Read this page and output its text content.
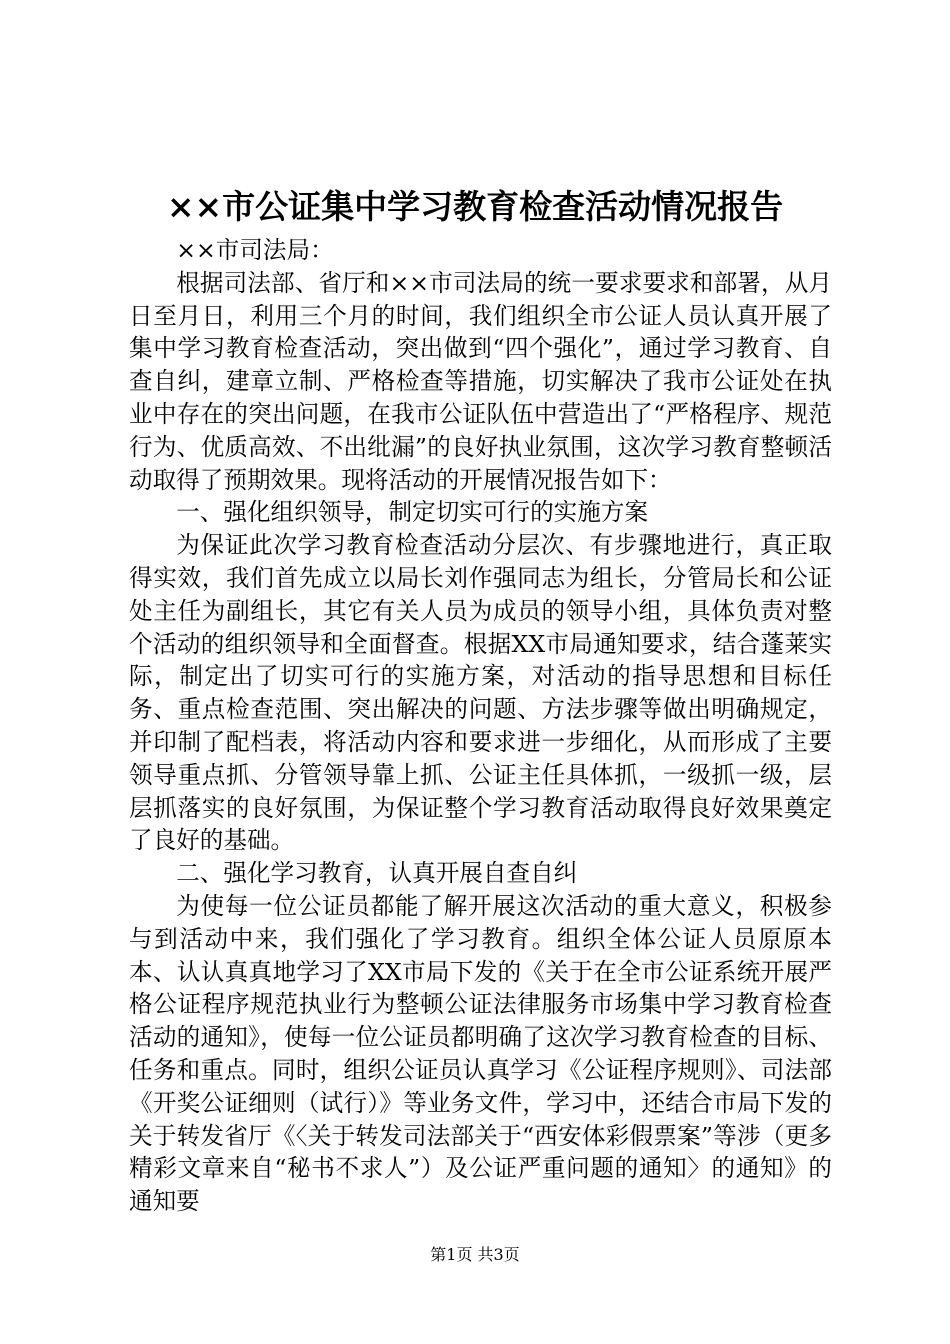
××市公证集中学习教育检查活动情况报告

××市司法局：

根据司法部、省厅和××市司法局的统一要求要求和部署，从月日至月日，利用三个月的时间，我们组织全市公证人员认真开展了集中学习教育检查活动，突出做到“四个强化”，通过学习教育、自查自纠，建章立制、严格检查等措施，切实解决了我市公证处在执业中存在的突出问题，在我市公证队伍中营造出了“严格程序、规范行为、优质高效、不出纰漏”的良好执业氛围，这次学习教育整顿活动取得了预期效果。现将活动的开展情况报告如下：

一、强化组织领导，制定切实可行的实施方案

为保证此次学习教育检查活动分层次、有步骤地进行，真正取得实效，我们首先成立以局长刘作强同志为组长，分管局长和公证处主任为副组长，其它有关人员为成员的领导小组，具体负责对整个活动的组织领导和全面督查。根据XX市局通知要求，结合蓬莱实际，制定出了切实可行的实施方案，对活动的指导思想和目标任务、重点检查范围、突出解决的问题、方法步骤等做出明确规定，并印制了配档表，将活动内容和要求进一步细化，从而形成了主要领导重点抓、分管领导靠上抓、公证主任具体抓，一级抓一级，层层抓落实的良好氛围，为保证整个学习教育活动取得良好效果奠定了良好的基础。

二、强化学习教育，认真开展自查自纠

为使每一位公证员都能了解开展这次活动的重大意义，积极参与到活动中来，我们强化了学习教育。组织全体公证人员原原本本、认认真真地学习了XX市局下发的《关于在全市公证系统开展严格公证程序规范执业行为整顿公证法律服务市场集中学习教育检查活动的通知》，使每一位公证员都明确了这次学习教育检查的目标、任务和重点。同时，组织公证员认真学习《公证程序规则》、司法部《开奖公证细则（试行）》等业务文件，学习中，还结合市局下发的关于转发省厅《〈关于转发司法部关于“西安体彩假票案”等涉（更多精彩文章来自“秘书不求人”）及公证严重问题的通知〉的通知》的通知要

第1页 共3页
